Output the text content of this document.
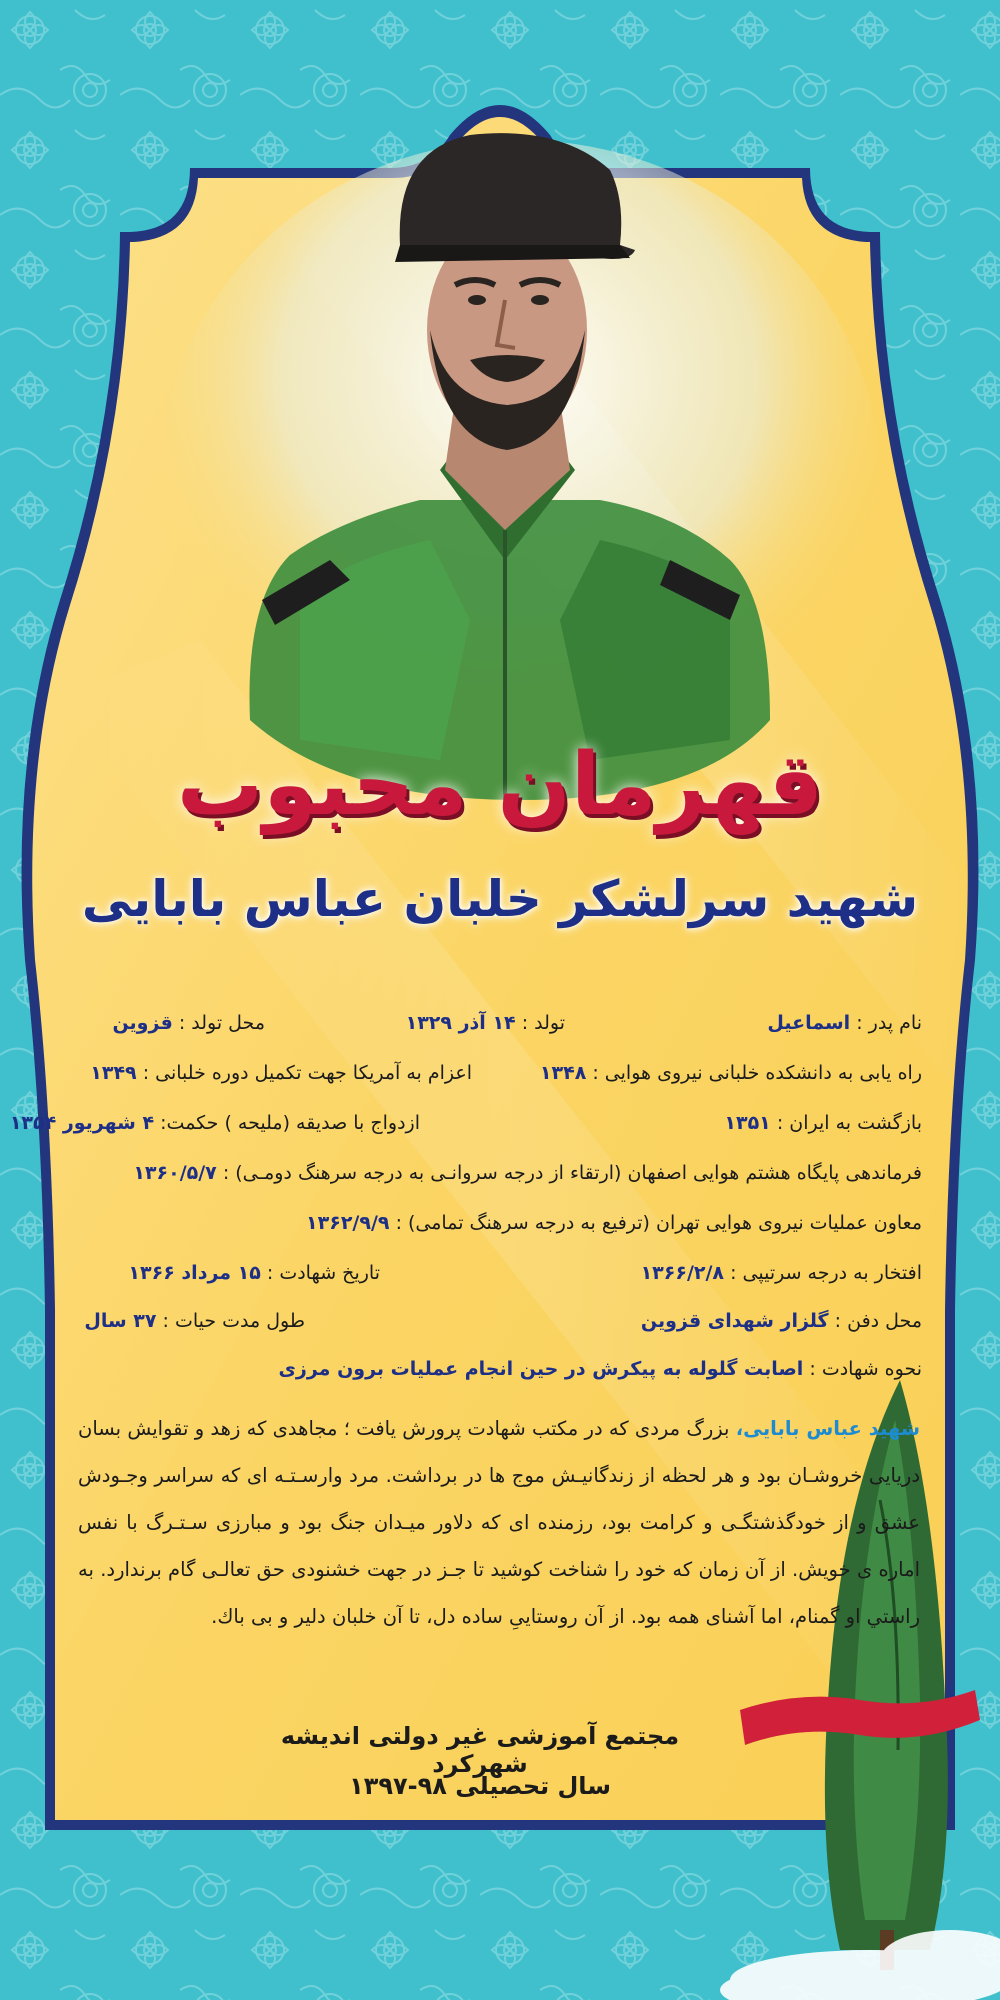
قهرمان محبوب
شهید سرلشکر خلبان عباس بابایی
نام پدر : اسماعیل
تولد : ۱۴ آذر ۱۳۲۹
محل تولد : قزوین
راه یابی به دانشکده خلبانی نیروی هوایی : ۱۳۴۸
اعزام به آمریکا جهت تکمیل دوره خلبانی : ۱۳۴۹
بازگشت به ایران : ۱۳۵۱
ازدواج با صدیقه (ملیحه ) حکمت: ۴ شهریور ۱۳۵۴
فرماندهی پایگاه هشتم هوایی اصفهان (ارتقاء از درجه سروانـی به درجه سرهنگ دومـی) : ۱۳۶۰/۵/۷
معاون عملیات نیروی هوایی تهران (ترفیع به درجه سرهنگ تمامی) : ۱۳۶۲/۹/۹
افتخار به درجه سرتیپی : ۱۳۶۶/۲/۸
تاریخ شهادت : ۱۵ مرداد ۱۳۶۶
محل دفن : گلزار شهدای قزوین
طول مدت حیات : ۳۷ سال
نحوه شهادت : اصابت گلوله به پیکرش در حین انجام عملیات برون مرزی
شهید عباس بابایی، بزرگ مردی که در مکتب شهادت پرورش یافت ؛ مجاهدی که زهد و تقوایش بسان دریایی خروشـان بود و هر لحظه از زندگانیـش موج ها در برداشت. مرد وارسـتـه ای که سراسر وجـودش عشق و از خودگذشتگـی و کرامت بود، رزمنده ای که دلاور میـدان جنگ بود و مبارزی سـتـرگ با نفس اماره ی خویش. از آن زمان که خود را شناخت کوشید تا جـز در جهت خشنودی حق تعالـی گام برندارد. به راستي او گمنام، اما آشنای همه بود. از آن روستاییِ ساده دل، تا آن خلبان دلیر و بی باك.
مجتمع آموزشی غیر دولتی اندیشه شهرکرد
سال تحصیلی ۹۸-۱۳۹۷
